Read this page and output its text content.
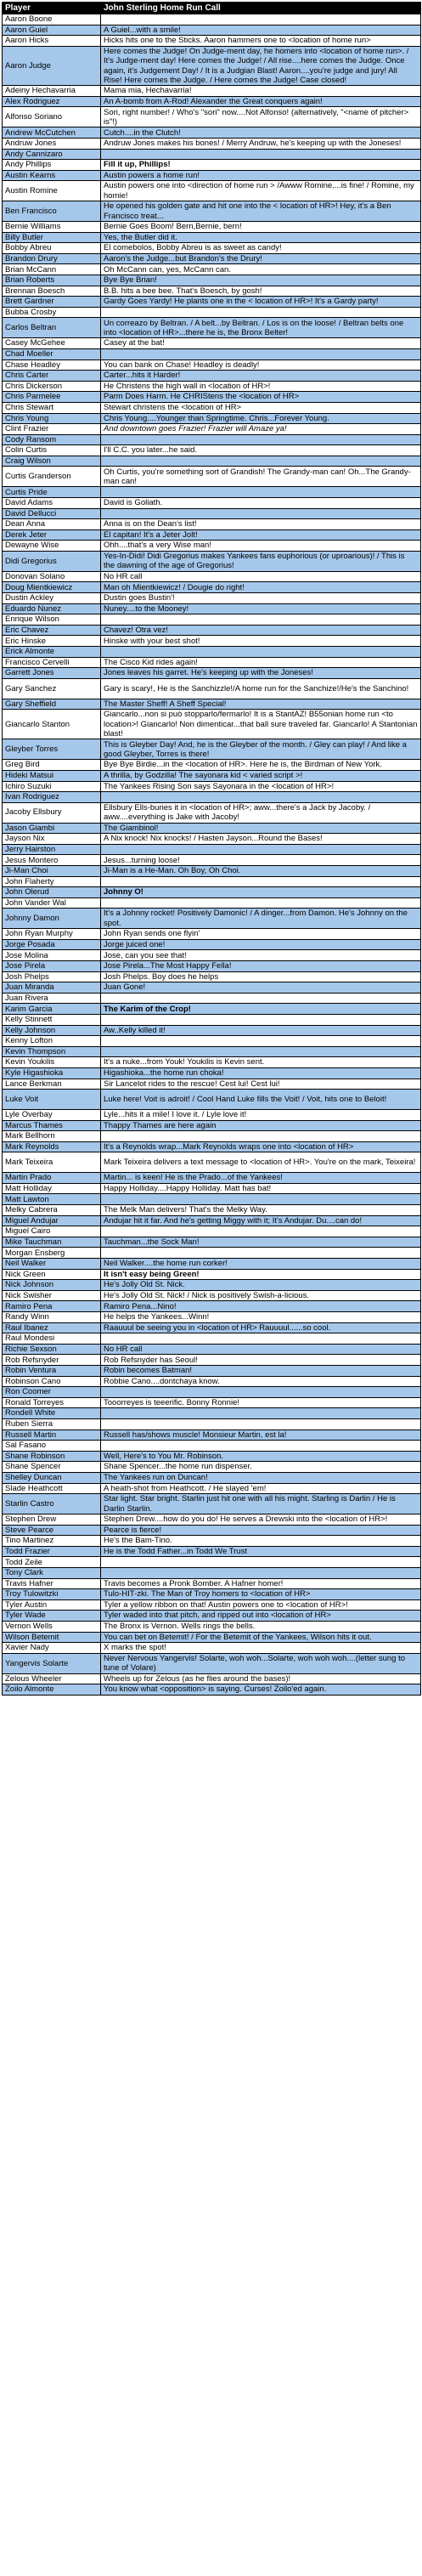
Player	John Sterling Home Run Call
Aaron Boone	
Aaron Guiel	A Guiel...with a smile!
Aaron Hicks	Hicks hits one to the Sticks. Aaron hammers one to <location of home run>
Aaron Judge	Here comes the Judge! On Judge-ment day, he homers into <location of home run>. / It's Judge-ment day! Here comes the Judge! / All rise....here comes the Judge. Once again, it's Judgement Day! / It is a Judgian Blast! Aaron....you're judge and jury! All Rise! Here comes the Judge. / Here comes the Judge! Case closed!
Adeiny Hechavarria	Mama mia, Hechavarria!
Alex Rodriguez	An A-bomb from A-Rod! Alexander the Great conquers again!
Alfonso Soriano	Sori, right number! / Who's "sori" now....Not Alfonso! (alternatively, "<name of pitcher> is"!)
Andrew McCutchen	Cutch....in the Clutch!
Andruw Jones	Andruw Jones makes his bones! / Merry Andruw, he's keeping up with the Joneses!
Andy Cannizaro	
Andy Phillips	Fill it up, Phillips!
Austin Kearns	Austin powers a home run!
Austin Romine	Austin powers one into <direction of home run > /Awww Romine....is fine! / Romine, my homie!
Ben Francisco	He opened his golden gate and hit one into the < location of HR>! Hey, it's a Ben Francisco treat...
Bernie Williams	Bernie Goes Boom! Bern,Bernie, bern!
Billy Butler	Yes, the Butler did it.
Bobby Abreu	El comebolos, Bobby Abreu is as sweet as candy!
Brandon Drury	Aaron's the Judge...but Brandon's the Drury!
Brian McCann	Oh McCann can, yes, McCann can.
Brian Roberts	Bye Bye Brian!
Brennan Boesch	B.B. hits a bee bee. That's Boesch, by gosh!
Brett Gardner	Gardy Goes Yardy! He plants one in the < location of HR>! It's a Gardy party!
Bubba Crosby	
Carlos Beltran	Un correazo by Beltran. / A belt...by Beltran. / Los is on the loose! / Beltran belts one into <location of HR>...there he is, the Bronx Belter!
Casey McGehee	Casey at the bat!
Chad Moeller	
Chase Headley	You can bank on Chase! Headley is deadly!
Chris Carter	Carter...hits it Harder!
Chris Dickerson	He Christens the high wall in <location of HR>!
Chris Parmelee	Parm Does Harm. He CHRIStens the <location of HR>
Chris Stewart	Stewart christens the <location of HR>
Chris Young	Chris Young....Younger than Springtime. Chris...Forever Young.
Clint Frazier	And downtown goes Frazier! Frazier will Amaze ya!
Cody Ransom	
Colin Curtis	I'll C.C. you later...he said.
Craig Wilson	
Curtis Granderson	Oh Curtis, you're something sort of Grandish! The Grandy-man can! Oh...The Grandy-man can!
Curtis Pride	
David Adams	David is Goliath.
David Dellucci	
Dean Anna	Anna is on the Dean's list!
Derek Jeter	El capitan! It's a Jeter Jolt!
Dewayne Wise	Ohh....that's a very Wise man!
Didi Gregorius	Yes-In-Didi! Didi Gregorius makes Yankees fans euphorious (or uproarious)! / This is the dawning of the age of Gregorius!
Donovan Solano	No HR call
Doug Mientkiewicz	Man oh Mientkiewicz! / Dougie do right!
Dustin Ackley	Dustin goes Bustin'!
Eduardo Nunez	Nuney....to the Mooney!
Enrique Wilson	
Eric Chavez	Chavez! Otra vez!
Eric Hinske	Hinske with your best shot!
Erick Almonte	
Francisco Cervelli	The Cisco Kid rides again!
Garrett Jones	Jones leaves his garret. He's keeping up with the Joneses!
Gary Sanchez	Gary is scary!, He is the Sanchizzle!/A home run for the Sanchize!/He's the Sanchino!
Gary Sheffield	The Master Sheff! A Sheff Special!
Giancarlo Stanton	Giancarlo...non si può stopparlo/fermarlo! It is a StantAZ! B55onian home run <to location>! Giancarlo! Non dimenticar...that ball sure traveled far. Giancarlo! A Stantonian blast!
Gleyber Torres	This is Gleyber Day! And, he is the Gleyber of the month. / Gley can play! / And like a good Gleyber, Torres is there!
Greg Bird	Bye Bye Birdie...in the <location of HR>. Here he is, the Birdman of New York.
Hideki Matsui	A thrilla, by Godzilla! The sayonara kid < varied script >!
Ichiro Suzuki	The Yankees Rising Son says Sayonara in the <location of HR>!
Ivan Rodriguez	
Jacoby Ellsbury	Ellsbury Ells-buries it in <location of HR>; aww...there's a Jack by Jacoby. / aww....everything is Jake with Jacoby!
Jason Giambi	The Giambinol!
Jayson Nix	A Nix knock! Nix knocks! / Hasten Jayson...Round the Bases!
Jerry Hairston	
Jesus Montero	Jesus...turning loose!
Ji-Man Choi	Ji-Man is a He-Man. Oh Boy, Oh Choi.
John Flaherty	
John Olerud	Johnny O!
John Vander Wal	
Johnny Damon	It's a Johnny rocket! Positively Damonic! / A dinger...from Damon. He's Johnny on the spot.
John Ryan Murphy	John Ryan sends one flyin'
Jorge Posada	Jorge juiced one!
Jose Molina	Jose, can you see that!
Jose Pirela	Jose Pirela...The Most Happy Fella!
Josh Phelps	Josh Phelps. Boy does he helps
Juan Miranda	Juan Gone!
Juan Rivera	
Karim Garcia	The Karim of the Crop!
Kelly Stinnett	
Kelly Johnson	Aw..Kelly killed it!
Kenny Lofton	
Kevin Thompson	
Kevin Youkilis	It's a nuke...from Youk! Youkilis is Kevin sent.
Kyle Higashioka	Higashioka...the home run choka!
Lance Berkman	Sir Lancelot rides to the rescue! Cest lui! Cest lui!
Luke Voit	Luke here! Voit is adroit! / Cool Hand Luke fills the Voit! / Voit, hits one to Beloit!
Lyle Overbay	Lyle...hits it a mile! I love it. / Lyle love it!
Marcus Thames	Thappy Thames are here again
Mark Bellhorn	
Mark Reynolds	It's a Reynolds wrap...Mark Reynolds wraps one into <location of HR>
Mark Teixeira	Mark Teixeira delivers a text message to <location of HR>. You're on the mark, Teixeira!
Martin Prado	Martin... is keen! He is the Prado...of the Yankees!
Matt Holliday	Happy Holliday....Happy Holliday. Matt has bat!
Matt Lawton	
Melky Cabrera	The Melk Man delivers! That's the Melky Way.
Miguel Andujar	Andujar hit it far. And he's getting Miggy with it; It's Andujar. Du....can do!
Miguel Cairo	
Mike Tauchman	Tauchman...the Sock Man!
Morgan Ensberg	
Neil Walker	Neil Walker....the home run corker!
Nick Green	It isn't easy being Green!
Nick Johnson	He's Jolly Old St. Nick.
Nick Swisher	He's Jolly Old St. Nick! / Nick is positively Swish-a-licious.
Ramiro Pena	Ramiro Pena...Nino!
Randy Winn	He helps the Yankees...Winn!
Raul Ibanez	Raauuul be seeing you in <location of HR> Rauuuul......so cool.
Raul Mondesi	
Richie Sexson	No HR call
Rob Refsnyder	Rob Refsnyder has Seoul!
Robin Ventura	Robin becomes Batman!
Robinson Cano	Robbie Cano....dontchaya know.
Ron Coomer	
Ronald Torreyes	Tooorreyes is teeerific. Bonny Ronnie!
Rondell White	
Ruben Sierra	
Russell Martin	Russell has/shows muscle! Monsieur Martin, est la!
Sal Fasano	
Shane Robinson	Well, Here's to You Mr. Robinson.
Shane Spencer	Shane Spencer...the home run dispenser.
Shelley Duncan	The Yankees run on Duncan!
Slade Heathcott	A heath-shot from Heathcott. / He slayed 'em!
Starlin Castro	Star light. Star bright. Starlin just hit one with all his might. Starling is Darlin / He is Darlin Starlin.
Stephen Drew	Stephen Drew....how do you do! He serves a Drewski into the <location of HR>!
Steve Pearce	Pearce is fierce!
Tino Martinez	He's the Bam-Tino.
Todd Frazier	He is the Todd Father...in Todd We Trust
Todd Zeile	
Tony Clark	
Travis Hafner	Travis becomes a Pronk Bomber. A Hafner homer!
Troy Tulowitzki	Tulo-HIT-zki. The Man of Troy homers to <location of HR>
Tyler Austin	Tyler a yellow ribbon on that! Austin powers one to <location of HR>!
Tyler Wade	Tyler waded into that pitch, and ripped out into <location of HR>
Vernon Wells	The Bronx is Vernon. Wells rings the bells.
Wilson Betemit	You can bet on Betemit! / For the Betemit of the Yankees, Wilson hits it out.
Xavier Nady	X marks the spot!
Yangervis Solarte	Never Nervous Yangervis! Solarte, woh woh...Solarte, woh woh woh....(letter sung to tune of Volare)
Zelous Wheeler	Wheels up for Zelous (as he flies around the bases)!
Zoilo Almonte	You know what <opposition> is saying. Curses! Zoilo'ed again.
